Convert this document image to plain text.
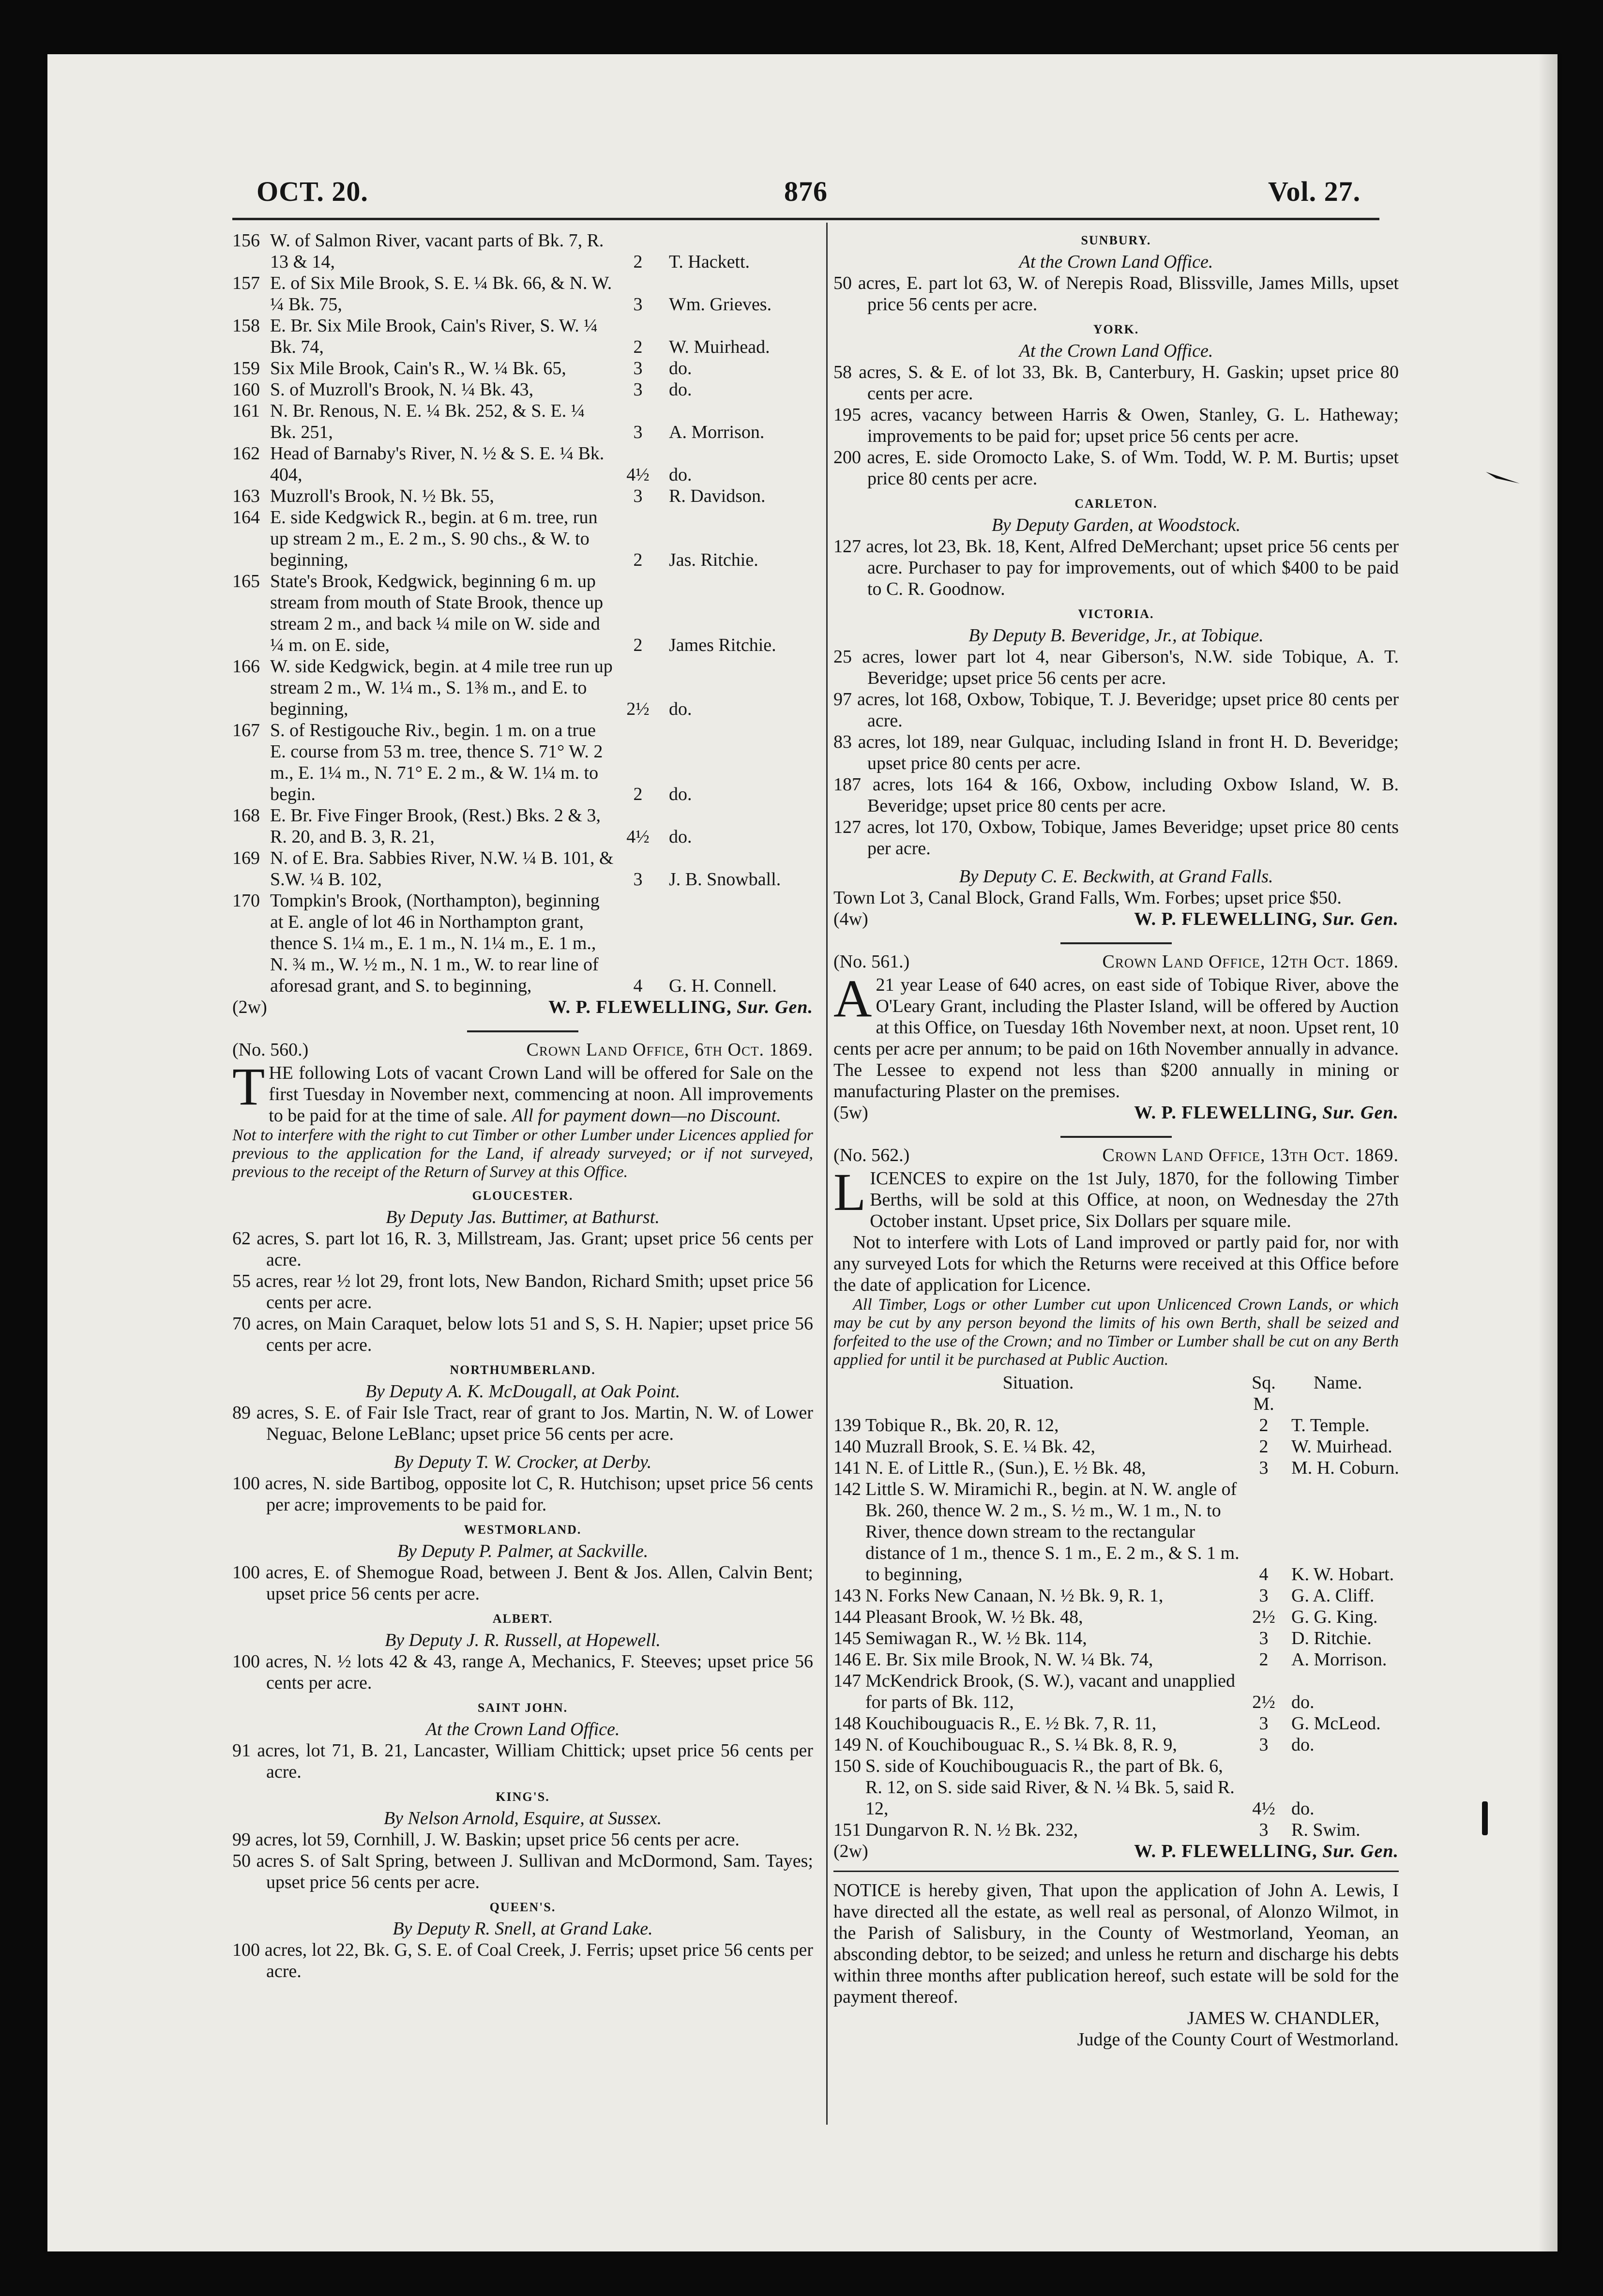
OCT. 20.	876	Vol. 27.
156 W. of Salmon River, vacant parts of Bk. 7, R. 13 & 14,	2	T. Hackett.
157 E. of Six Mile Brook, S. E. ¼ Bk. 66, & N. W. ¼ Bk. 75,	3	Wm. Grieves.
158 E. Br. Six Mile Brook, Cain's River, S. W. ¼ Bk. 74,	2	W. Muirhead.
159 Six Mile Brook, Cain's R., W. ¼ Bk. 65,	3	do.
160 S. of Muzroll's Brook, N. ¼ Bk. 43,	3	do.
161 N. Br. Renous, N. E. ¼ Bk. 252, & S. E. ¼ Bk. 251,	3	A. Morrison.
162 Head of Barnaby's River, N. ½ & S. E. ¼ Bk. 404,	4½	do.
163 Muzroll's Brook, N. ½ Bk. 55,	3	R. Davidson.
164 E. side Kedgwick R., begin. at 6 m. tree, run up stream 2 m., E. 2 m., S. 90 chs., & W. to beginning,	2	Jas. Ritchie.
165 State's Brook, Kedgwick, beginning 6 m. up stream from mouth of State Brook, thence up stream 2 m., and back ¼ mile on W. side and ¼ m. on E. side,	2	James Ritchie.
166 W. side Kedgwick, begin. at 4 mile tree run up stream 2 m., W. 1¼ m., S. 1⅜ m., and E. to beginning,	2½	do.
167 S. of Restigouche Riv., begin. 1 m. on a true E. course from 53 m. tree, thence S. 71° W. 2 m., E. 1¼ m., N. 71° E. 2 m., & W. 1¼ m. to begin.	2	do.
168 E. Br. Five Finger Brook, (Rest.) Bks. 2 & 3, R. 20, and B. 3, R. 21,	4½	do.
169 N. of E. Bra. Sabbies River, N.W. ¼ B. 101, & S.W. ¼ B. 102,	3	J. B. Snowball.
170 Tompkin's Brook, (Northampton), beginning at E. angle of lot 46 in Northampton grant, thence S. 1¼ m., E. 1 m., N. 1¼ m., E. 1 m., N. ¾ m., W. ½ m., N. 1 m., W. to rear line of aforesad grant, and S. to beginning,	4	G. H. Connell.
(2w)	W. P. FLEWELLING, Sur. Gen.
(No. 560.)	Crown Land Office, 6th Oct. 1869.
THE following Lots of vacant Crown Land will be offered for Sale on the first Tuesday in November next, commencing at noon. All improvements to be paid for at the time of sale. All for payment down—no Discount.
Not to interfere with the right to cut Timber or other Lumber under Licences applied for previous to the application for the Land, if already surveyed; or if not surveyed, previous to the receipt of the Return of Survey at this Office.
GLOUCESTER.
By Deputy Jas. Buttimer, at Bathurst.
62 acres, S. part lot 16, R. 3, Millstream, Jas. Grant; upset price 56 cents per acre.
55 acres, rear ½ lot 29, front lots, New Bandon, Richard Smith; upset price 56 cents per acre.
70 acres, on Main Caraquet, below lots 51 and S, S. H. Napier; upset price 56 cents per acre.
NORTHUMBERLAND.
By Deputy A. K. McDougall, at Oak Point.
89 acres, S. E. of Fair Isle Tract, rear of grant to Jos. Martin, N. W. of Lower Neguac, Belone LeBlanc; upset price 56 cents per acre.
By Deputy T. W. Crocker, at Derby.
100 acres, N. side Bartibog, opposite lot C, R. Hutchison; upset price 56 cents per acre; improvements to be paid for.
WESTMORLAND.
By Deputy P. Palmer, at Sackville.
100 acres, E. of Shemogue Road, between J. Bent & Jos. Allen, Calvin Bent; upset price 56 cents per acre.
ALBERT.
By Deputy J. R. Russell, at Hopewell.
100 acres, N. ½ lots 42 & 43, range A, Mechanics, F. Steeves; upset price 56 cents per acre.
SAINT JOHN.
At the Crown Land Office.
91 acres, lot 71, B. 21, Lancaster, William Chittick; upset price 56 cents per acre.
KING'S.
By Nelson Arnold, Esquire, at Sussex.
99 acres, lot 59, Cornhill, J. W. Baskin; upset price 56 cents per acre.
50 acres S. of Salt Spring, between J. Sullivan and McDormond, Sam. Tayes; upset price 56 cents per acre.
QUEEN'S.
By Deputy R. Snell, at Grand Lake.
100 acres, lot 22, Bk. G, S. E. of Coal Creek, J. Ferris; upset price 56 cents per acre.
SUNBURY.
At the Crown Land Office.
50 acres, E. part lot 63, W. of Nerepis Road, Blissville, James Mills, upset price 56 cents per acre.
YORK.
At the Crown Land Office.
58 acres, S. & E. of lot 33, Bk. B, Canterbury, H. Gaskin; upset price 80 cents per acre.
195 acres, vacancy between Harris & Owen, Stanley, G. L. Hatheway; improvements to be paid for; upset price 56 cents per acre.
200 acres, E. side Oromocto Lake, S. of Wm. Todd, W. P. M. Burtis; upset price 80 cents per acre.
CARLETON.
By Deputy Garden, at Woodstock.
127 acres, lot 23, Bk. 18, Kent, Alfred DeMerchant; upset price 56 cents per acre. Purchaser to pay for improvements, out of which $400 to be paid to C. R. Goodnow.
VICTORIA.
By Deputy B. Beveridge, Jr., at Tobique.
25 acres, lower part lot 4, near Giberson's, N.W. side Tobique, A. T. Beveridge; upset price 56 cents per acre.
97 acres, lot 168, Oxbow, Tobique, T. J. Beveridge; upset price 80 cents per acre.
83 acres, lot 189, near Gulquac, including Island in front H. D. Beveridge; upset price 80 cents per acre.
187 acres, lots 164 & 166, Oxbow, including Oxbow Island, W. B. Beveridge; upset price 80 cents per acre.
127 acres, lot 170, Oxbow, Tobique, James Beveridge; upset price 80 cents per acre.
By Deputy C. E. Beckwith, at Grand Falls.
Town Lot 3, Canal Block, Grand Falls, Wm. Forbes; upset price $50.
(4w)	W. P. FLEWELLING, Sur. Gen.
(No. 561.)	Crown Land Office, 12th Oct. 1869.
A 21 year Lease of 640 acres, on east side of Tobique River, above the O'Leary Grant, including the Plaster Island, will be offered by Auction at this Office, on Tuesday 16th November next, at noon. Upset rent, 10 cents per acre per annum; to be paid on 16th November annually in advance. The Lessee to expend not less than $200 annually in mining or manufacturing Plaster on the premises.
(5w)	W. P. FLEWELLING, Sur. Gen.
(No. 562.)	Crown Land Office, 13th Oct. 1869.
LICENCES to expire on the 1st July, 1870, for the following Timber Berths, will be sold at this Office, at noon, on Wednesday the 27th October instant. Upset price, Six Dollars per square mile.
Not to interfere with Lots of Land improved or partly paid for, nor with any surveyed Lots for which the Returns were received at this Office before the date of application for Licence.
All Timber, Logs or other Lumber cut upon Unlicenced Crown Lands, or which may be cut by any person beyond the limits of his own Berth, shall be seized and forfeited to the use of the Crown; and no Timber or Lumber shall be cut on any Berth applied for until it be purchased at Public Auction.
Situation.	Sq. M.
Name.
139 Tobique R., Bk. 20, R. 12,	2	T. Temple.
140 Muzrall Brook, S. E. ¼ Bk. 42,	2	W. Muirhead.
141 N. E. of Little R., (Sun.), E. ½ Bk. 48,	3	M. H. Coburn.
142 Little S. W. Miramichi R., begin. at N. W. angle of Bk. 260, thence W. 2 m., S. ½ m., W. 1 m., N. to River, thence down stream to the rectangular distance of 1 m., thence S. 1 m., E. 2 m., & S. 1 m. to beginning,	4	K. W. Hobart.
143 N. Forks New Canaan, N. ½ Bk. 9, R. 1,	3	G. A. Cliff.
144 Pleasant Brook, W. ½ Bk. 48,	2½ G. G. King.
145 Semiwagan R., W. ½ Bk. 114,	3	D. Ritchie.
146 E. Br. Six mile Brook, N. W. ¼ Bk. 74,	2	A. Morrison.
147 McKendrick Brook, (S. W.), vacant and unapplied for parts of Bk. 112,	2½ do.
148 Kouchibouguacis R., E. ½ Bk. 7, R. 11,	3	G. McLeod.
149 N. of Kouchibouguac R., S. ¼ Bk. 8, R. 9,	3	do.
150 S. side of Kouchibouguacis R., the part of Bk. 6, R. 12, on S. side said River, & N. ¼ Bk. 5, said R. 12,	4½ do.
151 Dungarvon R. N. ½ Bk. 232,	3	R. Swim.
(2w)	W. P. FLEWELLING, Sur. Gen.
NOTICE is hereby given, That upon the application of John A. Lewis, I have directed all the estate, as well real as personal, of Alonzo Wilmot, in the Parish of Salisbury, in the County of Westmorland, Yeoman, an absconding debtor, to be seized; and unless he return and discharge his debts within three months after publication hereof, such estate will be sold for the payment thereof.
JAMES W. CHANDLER,
Judge of the County Court of Westmorland.
